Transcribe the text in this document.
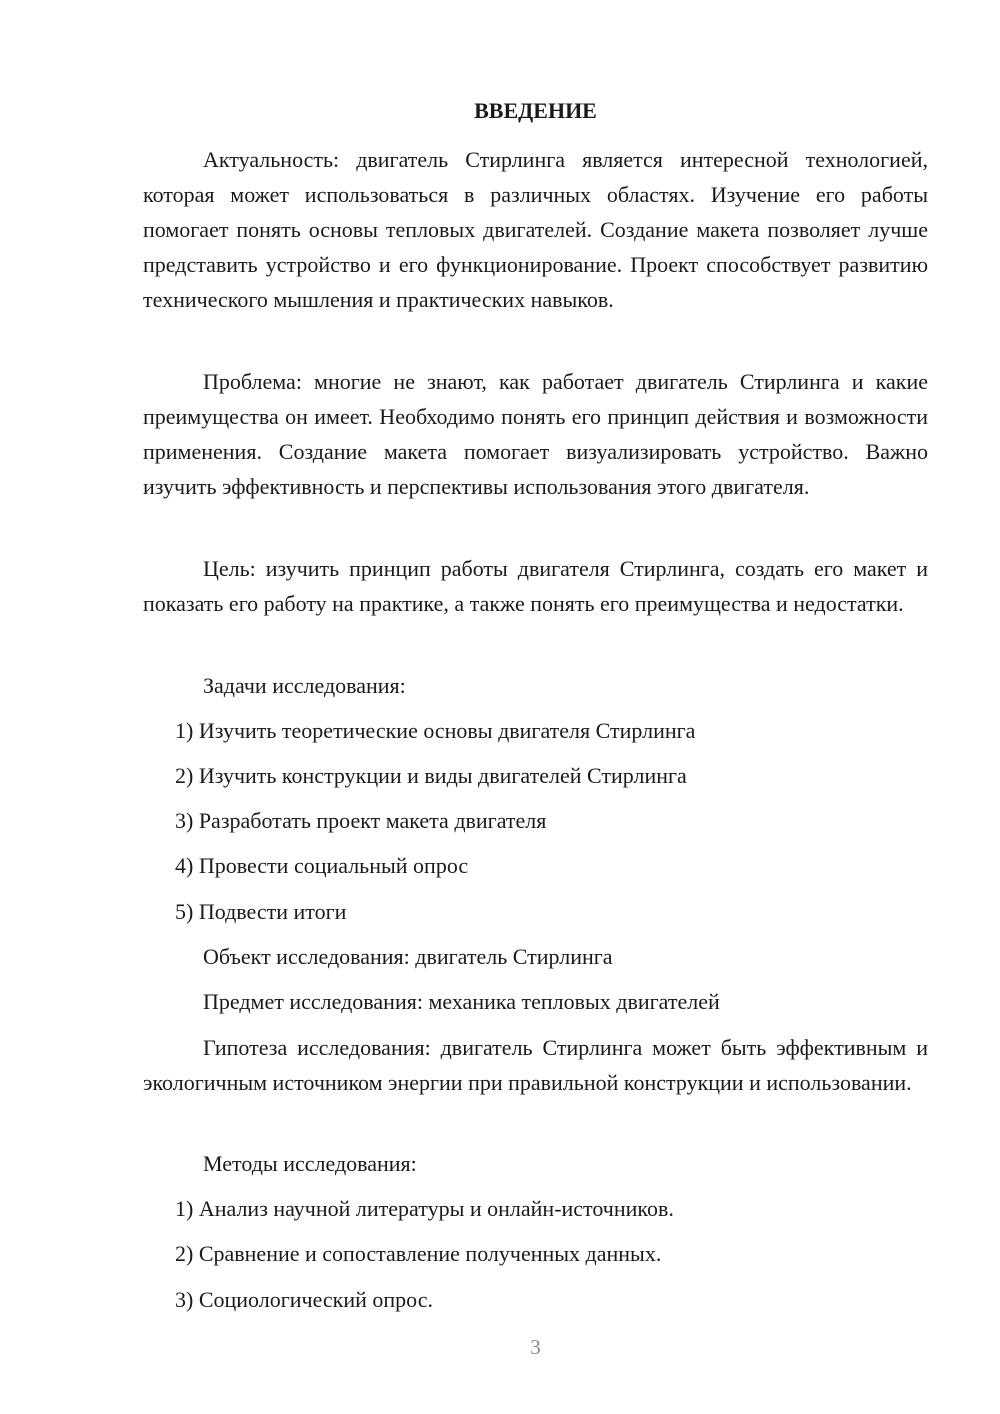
ВВЕДЕНИЕ

Актуальность: двигатель Стирлинга является интересной технологией, которая может использоваться в различных областях. Изучение его работы помогает понять основы тепловых двигателей. Создание макета позволяет лучше представить устройство и его функционирование. Проект способствует развитию технического мышления и практических навыков.

Проблема: многие не знают, как работает двигатель Стирлинга и какие преимущества он имеет. Необходимо понять его принцип действия и возможности применения. Создание макета помогает визуализировать устройство. Важно изучить эффективность и перспективы использования этого двигателя.

Цель: изучить принцип работы двигателя Стирлинга, создать его макет и показать его работу на практике, а также понять его преимущества и недостатки.

Задачи исследования:
1) Изучить теоретические основы двигателя Стирлинга
2) Изучить конструкции и виды двигателей Стирлинга
3) Разработать проект макета двигателя
4) Провести социальный опрос
5) Подвести итоги
Объект исследования: двигатель Стирлинга
Предмет исследования: механика тепловых двигателей

Гипотеза исследования: двигатель Стирлинга может быть эффективным и экологичным источником энергии при правильной конструкции и использовании.

Методы исследования:
1) Анализ научной литературы и онлайн-источников.
2) Сравнение и сопоставление полученных данных.
3) Социологический опрос.
3
